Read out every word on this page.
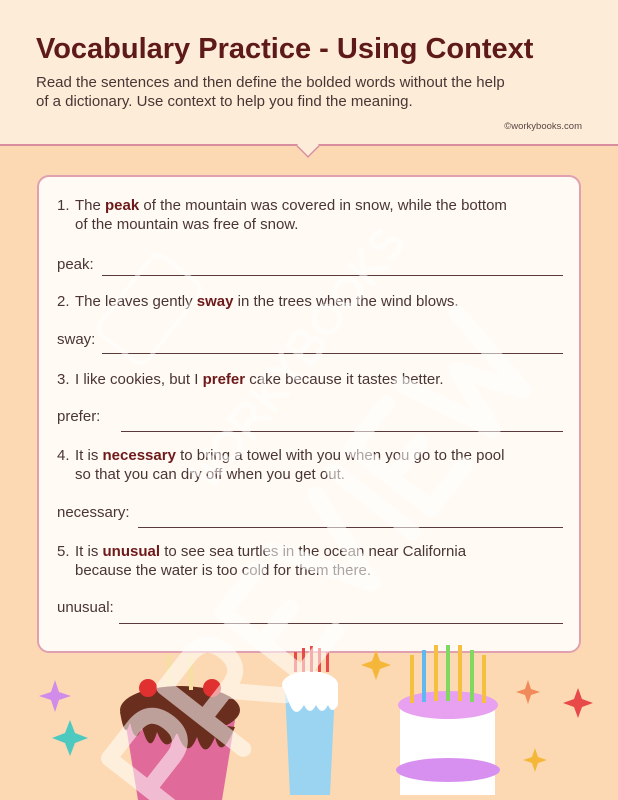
Vocabulary Practice - Using Context

Read the sentences and then define the bolded words without the help of a dictionary. Use context to help you find the meaning.

©workybooks.com
1. The peak of the mountain was covered in snow, while the bottom
of the mountain was free of snow.
peak:
2. The leaves gently sway in the trees when the wind blows.
sway:
3. I like cookies, but I prefer cake because it tastes better.
prefer:
4. It is necessary to bring a towel with you when you go to the pool
so that you can dry off when you get out.
necessary:
5. It is unusual to see sea turtles in the ocean near California
because the water is too cold for them there.
unusual:
